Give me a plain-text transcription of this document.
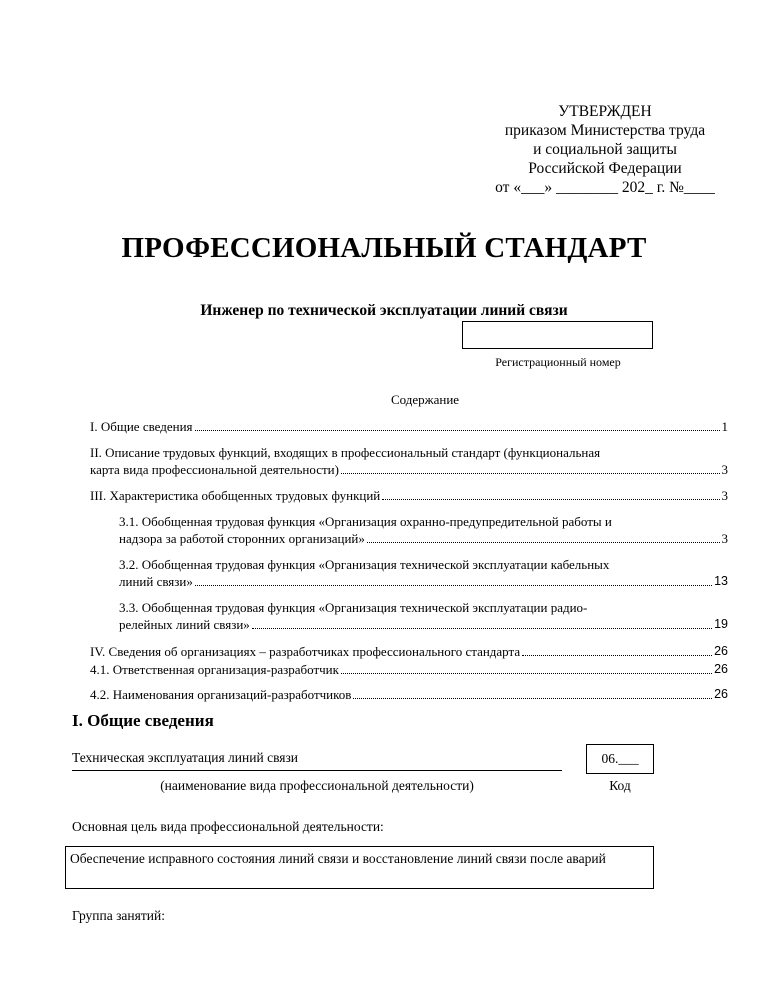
УТВЕРЖДЕН
приказом Министерства труда
и социальной защиты
Российской Федерации
от «___» ________ 202_ г. №____
ПРОФЕССИОНАЛЬНЫЙ СТАНДАРТ
Инженер по технической эксплуатации линий связи
Регистрационный номер
Содержание
I. Общие сведения	1
II. Описание трудовых функций, входящих в профессиональный стандарт (функциональная
карта вида профессиональной деятельности)	3
III. Характеристика обобщенных трудовых функций	3
3.1. Обобщенная трудовая функция «Организация охранно-предупредительной работы и
надзора за работой сторонних организаций»	3
3.2. Обобщенная трудовая функция «Организация технической эксплуатации кабельных
линий связи»	13
3.3. Обобщенная трудовая функция «Организация технической эксплуатации радио-
релейных линий связи»	19
IV. Сведения об организациях – разработчиках профессионального стандарта	26
4.1. Ответственная организация-разработчик	26
4.2. Наименования организаций-разработчиков	26
I. Общие сведения
Техническая эксплуатация линий связи
(наименование вида профессиональной деятельности)
06.___
Код
Основная цель вида профессиональной деятельности:
Обеспечение исправного состояния линий связи и восстановление линий связи после аварий
Группа занятий:
